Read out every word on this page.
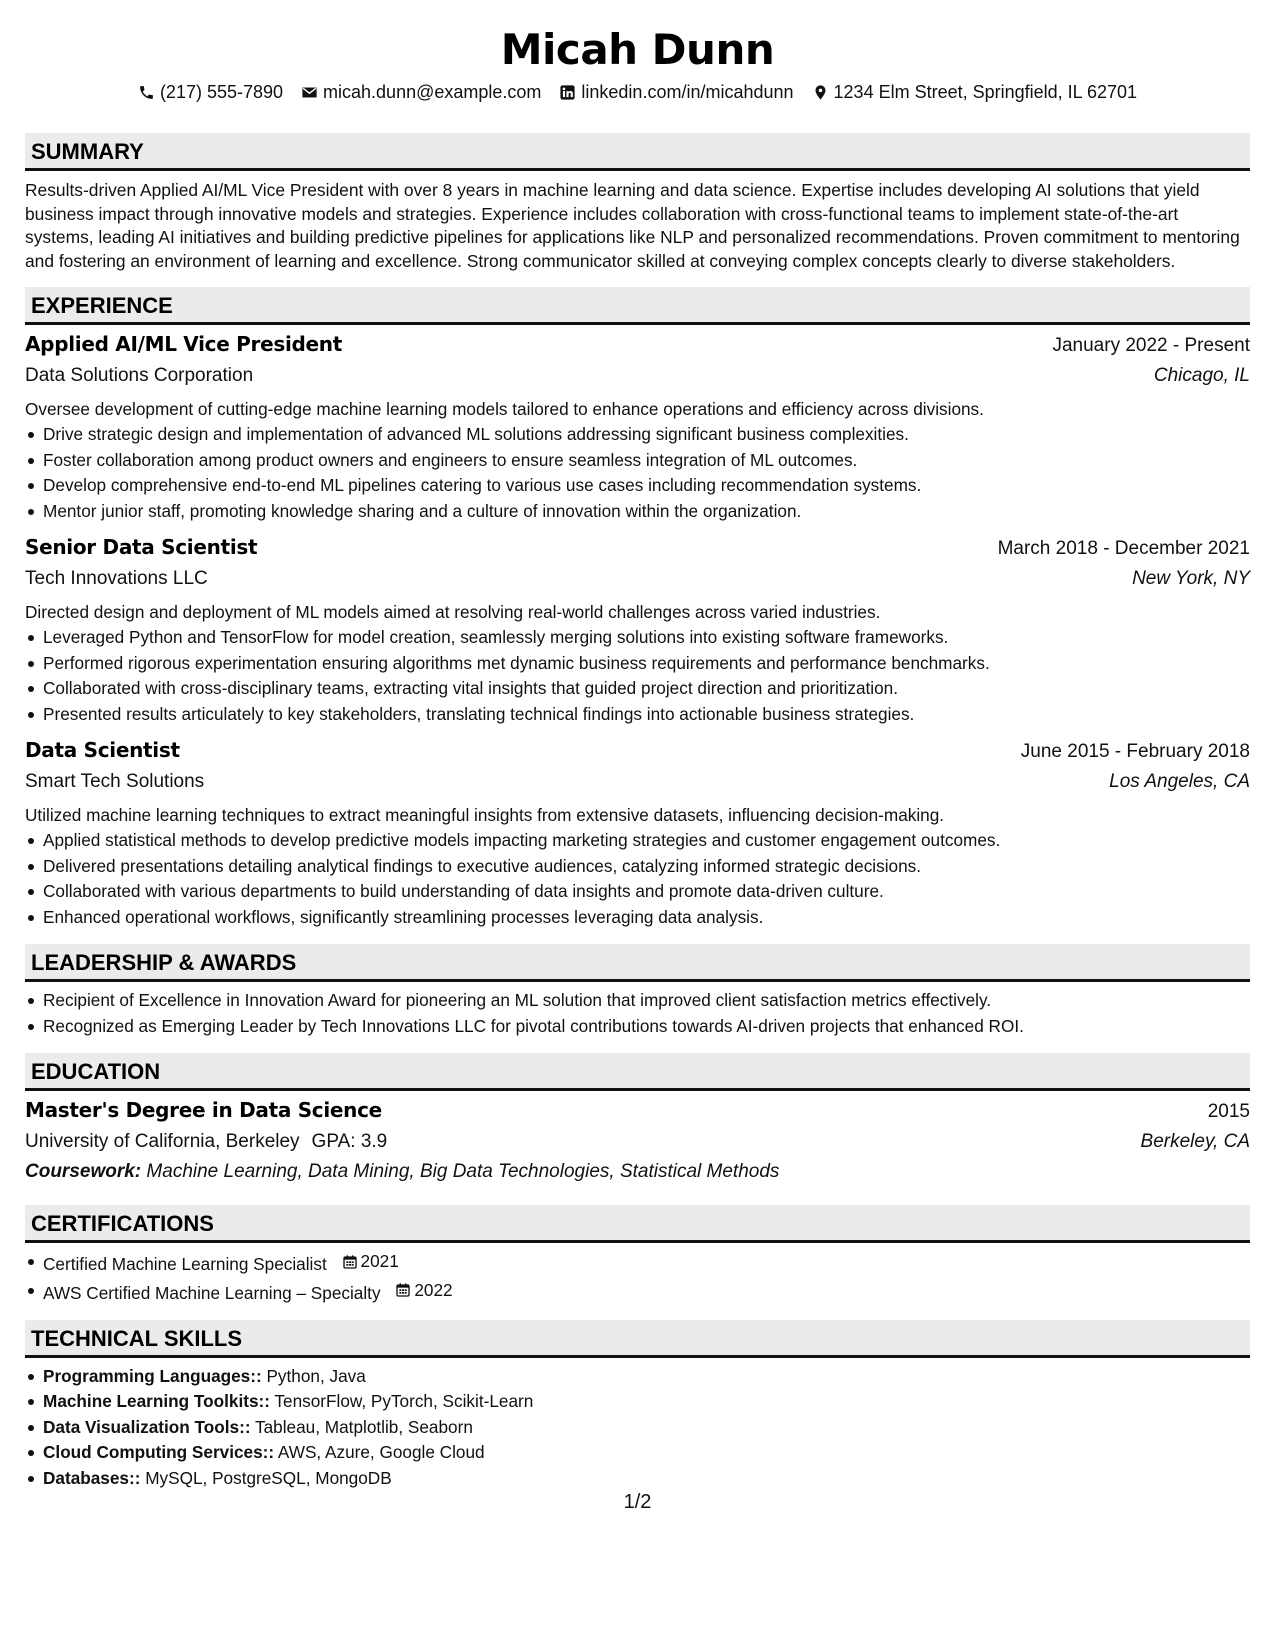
Micah Dunn
(217) 555-7890 micah.dunn@example.com linkedin.com/in/micahdunn 1234 Elm Street, Springfield, IL 62701
SUMMARY

Results-driven Applied AI/ML Vice President with over 8 years in machine learning and data science. Expertise includes developing AI solutions that yield business impact through innovative models and strategies. Experience includes collaboration with cross-functional teams to implement state-of-the-art systems, leading AI initiatives and building predictive pipelines for applications like NLP and personalized recommendations. Proven commitment to mentoring and fostering an environment of learning and excellence. Strong communicator skilled at conveying complex concepts clearly to diverse stakeholders.

EXPERIENCE
Applied AI/ML Vice President	January 2022 - Present
Data Solutions Corporation	Chicago, IL
Oversee development of cutting-edge machine learning models tailored to enhance operations and efficiency across divisions.
Drive strategic design and implementation of advanced ML solutions addressing significant business complexities.
Foster collaboration among product owners and engineers to ensure seamless integration of ML outcomes.
Develop comprehensive end-to-end ML pipelines catering to various use cases including recommendation systems.
Mentor junior staff, promoting knowledge sharing and a culture of innovation within the organization.
Senior Data Scientist	March 2018 - December 2021
Tech Innovations LLC	New York, NY
Directed design and deployment of ML models aimed at resolving real-world challenges across varied industries.
Leveraged Python and TensorFlow for model creation, seamlessly merging solutions into existing software frameworks.
Performed rigorous experimentation ensuring algorithms met dynamic business requirements and performance benchmarks.
Collaborated with cross-disciplinary teams, extracting vital insights that guided project direction and prioritization.
Presented results articulately to key stakeholders, translating technical findings into actionable business strategies.
Data Scientist	June 2015 - February 2018
Smart Tech Solutions	Los Angeles, CA
Utilized machine learning techniques to extract meaningful insights from extensive datasets, influencing decision-making.
Applied statistical methods to develop predictive models impacting marketing strategies and customer engagement outcomes.
Delivered presentations detailing analytical findings to executive audiences, catalyzing informed strategic decisions.
Collaborated with various departments to build understanding of data insights and promote data-driven culture.
Enhanced operational workflows, significantly streamlining processes leveraging data analysis.
LEADERSHIP & AWARDS
Recipient of Excellence in Innovation Award for pioneering an ML solution that improved client satisfaction metrics effectively.
Recognized as Emerging Leader by Tech Innovations LLC for pivotal contributions towards AI-driven projects that enhanced ROI.
EDUCATION
Master's Degree in Data Science	2015
University of California, Berkeley GPA: 3.9	Berkeley, CA
Coursework: Machine Learning, Data Mining, Big Data Technologies, Statistical Methods
CERTIFICATIONS
Certified Machine Learning Specialist 2021
AWS Certified Machine Learning – Specialty 2022
TECHNICAL SKILLS
Programming Languages:: Python, Java
Machine Learning Toolkits:: TensorFlow, PyTorch, Scikit-Learn
Data Visualization Tools:: Tableau, Matplotlib, Seaborn
Cloud Computing Services:: AWS, Azure, Google Cloud
Databases:: MySQL, PostgreSQL, MongoDB
1/2
